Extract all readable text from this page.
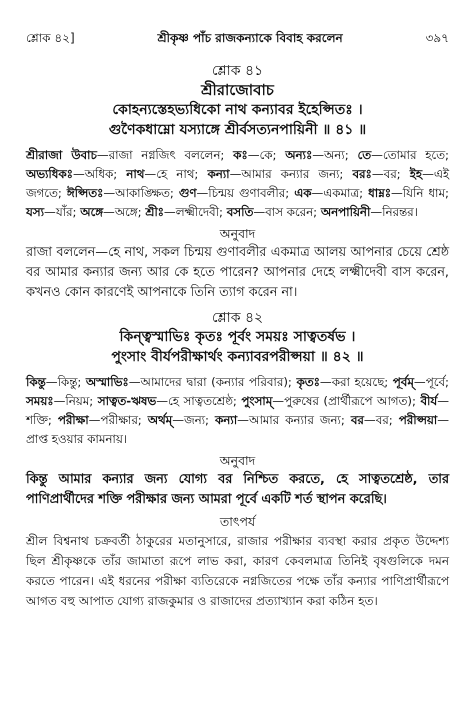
শ্লোক ৪২]	শ্রীকৃষ্ণ পাঁচ রাজকন্যাকে বিবাহ করলেন	৩৯৭
শ্লোক ৪১
শ্রীরাজোবাচ
কোহন্যস্তেহভ্যধিকো নাথ কন্যাবর ইহেপ্সিতঃ ।
গুণৈকধাম্নো যস্যাঙ্গে শ্রীর্বসত্যনপায়িনী ॥ ৪১ ॥
শ্রীরাজা উবাচ—রাজা নগ্নজিৎ বললেন; কঃ—কে; অন্যঃ—অন্য; তে—তোমার হতে; অভ্যধিকঃ—অধিক; নাথ—হে নাথ; কন্যা—আমার কন্যার জন্য; বরঃ—বর; ইহ—এই জগতে; ঈপ্সিতঃ—আকাঙ্ক্ষিত; গুণ—চিন্ময় গুণাবলীর; এক—একমাত্র; ধাম্নঃ—যিনি ধাম; যস্য—যাঁর; অঙ্গে—অঙ্গে; শ্রীঃ—লক্ষ্মীদেবী; বসতি—বাস করেন; অনপায়িনী—নিরন্তর।
অনুবাদ
রাজা বললেন—হে নাথ, সকল চিন্ময় গুণাবলীর একমাত্র আলয় আপনার চেয়ে শ্রেষ্ঠ বর আমার কন্যার জন্য আর কে হতে পারেন? আপনার দেহে লক্ষ্মীদেবী বাস করেন, কখনও কোন কারণেই আপনাকে তিনি ত্যাগ করেন না।
শ্লোক ৪২
কিন্ত্বস্মাভিঃ কৃতঃ পূর্বং সময়ঃ সাত্বতর্ষভ ।
পুংসাং বীর্যপরীক্ষার্থং কন্যাবরপরীপ্সয়া ॥ ৪২ ॥
কিন্তু—কিন্তু; অস্মাভিঃ—আমাদের দ্বারা (কন্যার পরিবার); কৃতঃ—করা হয়েছে; পূর্বম্—পূর্বে; সময়ঃ—নিয়ম; সাত্বত-ঋষভ—হে সাত্বতশ্রেষ্ঠ; পুংসাম্—পুরুষের (প্রার্থীরূপে আগত); বীর্য—শক্তি; পরীক্ষা—পরীক্ষার; অর্থম্—জন্য; কন্যা—আমার কন্যার জন্য; বর—বর; পরীপ্সয়া—প্রাপ্ত হওয়ার কামনায়।
অনুবাদ
কিন্তু আমার কন্যার জন্য যোগ্য বর নিশ্চিত করতে, হে সাত্বতশ্রেষ্ঠ, তার পাণিপ্রার্থীদের শক্তি পরীক্ষার জন্য আমরা পূর্বে একটি শর্ত স্থাপন করেছি।
তাৎপর্য
শ্রীল বিশ্বনাথ চক্রবর্তী ঠাকুরের মতানুসারে, রাজার পরীক্ষার ব্যবস্থা করার প্রকৃত উদ্দেশ্য ছিল শ্রীকৃষ্ণকে তাঁর জামাতা রূপে লাভ করা, কারণ কেবলমাত্র তিনিই বৃষগুলিকে দমন করতে পারেন। এই ধরনের পরীক্ষা ব্যতিরেকে নগ্নজিতের পক্ষে তাঁর কন্যার পাণিপ্রার্থীরূপে আগত বহু আপাত যোগ্য রাজকুমার ও রাজাদের প্রত্যাখ্যান করা কঠিন হত।
